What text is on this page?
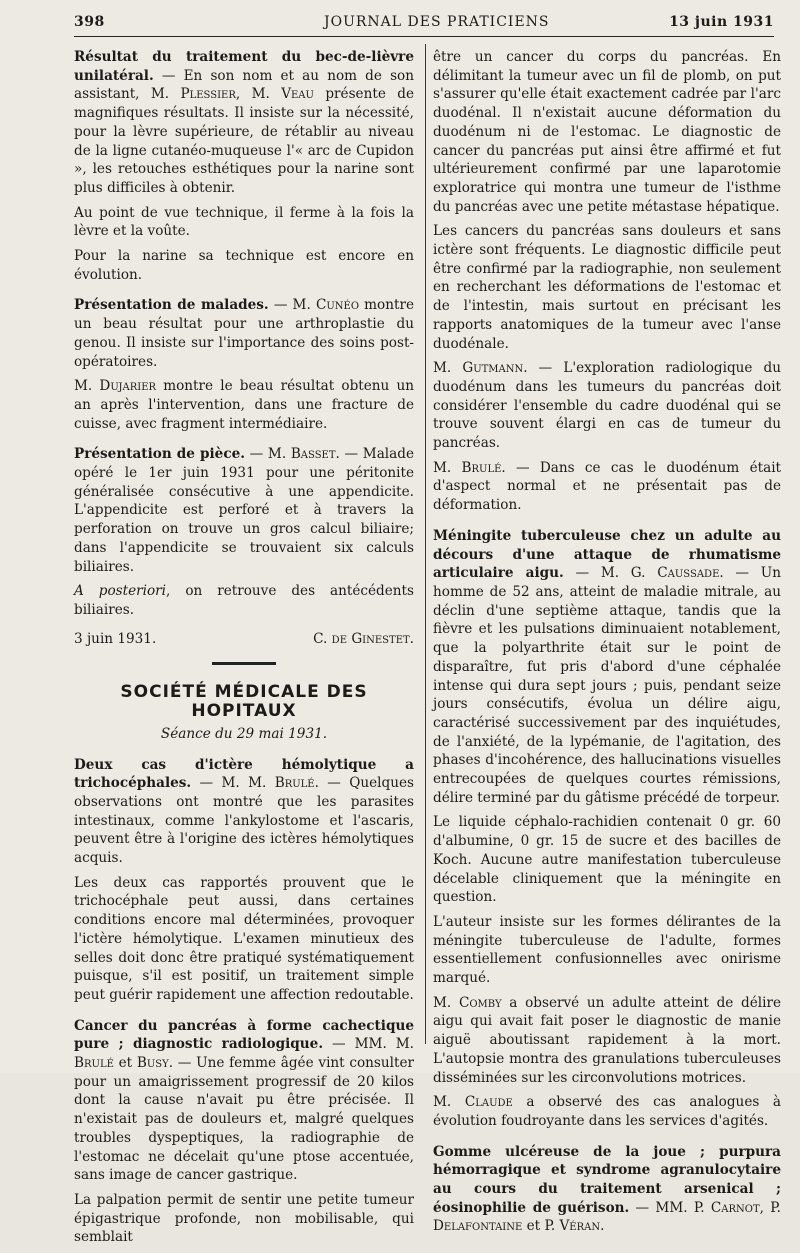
398	JOURNAL DES PRATICIENS	13 juin 1931

Résultat du traitement du bec-de-lièvre unilatéral. — En son nom et au nom de son assistant, M. Plessier, M. Veau présente de magnifiques résultats. Il insiste sur la nécessité, pour la lèvre supérieure, de rétablir au niveau de la ligne cutanéo-muqueuse l'« arc de Cupidon », les retouches esthétiques pour la narine sont plus difficiles à obtenir.

Au point de vue technique, il ferme à la fois la lèvre et la voûte.

Pour la narine sa technique est encore en évolution.

Présentation de malades. — M. Cunéo montre un beau résultat pour une arthroplastie du genou. Il insiste sur l'importance des soins post-opératoires.

M. Dujarier montre le beau résultat obtenu un an après l'intervention, dans une fracture de cuisse, avec fragment intermédiaire.

Présentation de pièce. — M. Basset. — Malade opéré le 1er juin 1931 pour une péritonite généralisée consécutive à une appendicite. L'appendicite est perforé et à travers la perforation on trouve un gros calcul biliaire; dans l'appendicite se trouvaient six calculs biliaires.

A posteriori, on retrouve des antécédents biliaires.

3 juin 1931.	C. de Ginestet.
SOCIÉTÉ MÉDICALE DES HOPITAUX
Séance du 29 mai 1931.

Deux cas d'ictère hémolytique a trichocéphales. — M. M. Brulé. — Quelques observations ont montré que les parasites intestinaux, comme l'ankylostome et l'ascaris, peuvent être à l'origine des ictères hémolytiques acquis.

Les deux cas rapportés prouvent que le trichocéphale peut aussi, dans certaines conditions encore mal déterminées, provoquer l'ictère hémolytique. L'examen minutieux des selles doit donc être pratiqué systématiquement puisque, s'il est positif, un traitement simple peut guérir rapidement une affection redoutable.

Cancer du pancréas à forme cachectique pure ; diagnostic radiologique. — MM. M. Brulé et Busy. — Une femme âgée vint consulter pour un amaigrissement progressif de 20 kilos dont la cause n'avait pu être précisée. Il n'existait pas de douleurs et, malgré quelques troubles dyspeptiques, la radiographie de l'estomac ne décelait qu'une ptose accentuée, sans image de cancer gastrique.

La palpation permit de sentir une petite tumeur épigastrique profonde, non mobilisable, qui semblait

être un cancer du corps du pancréas. En délimitant la tumeur avec un fil de plomb, on put s'assurer qu'elle était exactement cadrée par l'arc duodénal. Il n'existait aucune déformation du duodénum ni de l'estomac. Le diagnostic de cancer du pancréas put ainsi être affirmé et fut ultérieurement confirmé par une laparotomie exploratrice qui montra une tumeur de l'isthme du pancréas avec une petite métastase hépatique.

Les cancers du pancréas sans douleurs et sans ictère sont fréquents. Le diagnostic difficile peut être confirmé par la radiographie, non seulement en recherchant les déformations de l'estomac et de l'intestin, mais surtout en précisant les rapports anatomiques de la tumeur avec l'anse duodénale.

M. Gutmann. — L'exploration radiologique du duodénum dans les tumeurs du pancréas doit considérer l'ensemble du cadre duodénal qui se trouve souvent élargi en cas de tumeur du pancréas.

M. Brulé. — Dans ce cas le duodénum était d'aspect normal et ne présentait pas de déformation.

Méningite tuberculeuse chez un adulte au décours d'une attaque de rhumatisme articulaire aigu. — M. G. Caussade. — Un homme de 52 ans, atteint de maladie mitrale, au déclin d'une septième attaque, tandis que la fièvre et les pulsations diminuaient notablement, que la polyarthrite était sur le point de disparaître, fut pris d'abord d'une céphalée intense qui dura sept jours ; puis, pendant seize jours consécutifs, évolua un délire aigu, caractérisé successivement par des inquiétudes, de l'anxiété, de la lypémanie, de l'agitation, des phases d'incohérence, des hallucinations visuelles entrecoupées de quelques courtes rémissions, délire terminé par du gâtisme précédé de torpeur.

Le liquide céphalo-rachidien contenait 0 gr. 60 d'albumine, 0 gr. 15 de sucre et des bacilles de Koch. Aucune autre manifestation tuberculeuse décelable cliniquement que la méningite en question.

L'auteur insiste sur les formes délirantes de la méningite tuberculeuse de l'adulte, formes essentiellement confusionnelles avec onirisme marqué.

M. Comby a observé un adulte atteint de délire aigu qui avait fait poser le diagnostic de manie aiguë aboutissant rapidement à la mort. L'autopsie montra des granulations tuberculeuses disséminées sur les circonvolutions motrices.

M. Claude a observé des cas analogues à évolution foudroyante dans les services d'agités.

Gomme ulcéreuse de la joue ; purpura hémorragique et syndrome agranulocytaire au cours du traitement arsenical ; éosinophilie de guérison. — MM. P. Carnot, P. Delafontaine et P. Véran.
